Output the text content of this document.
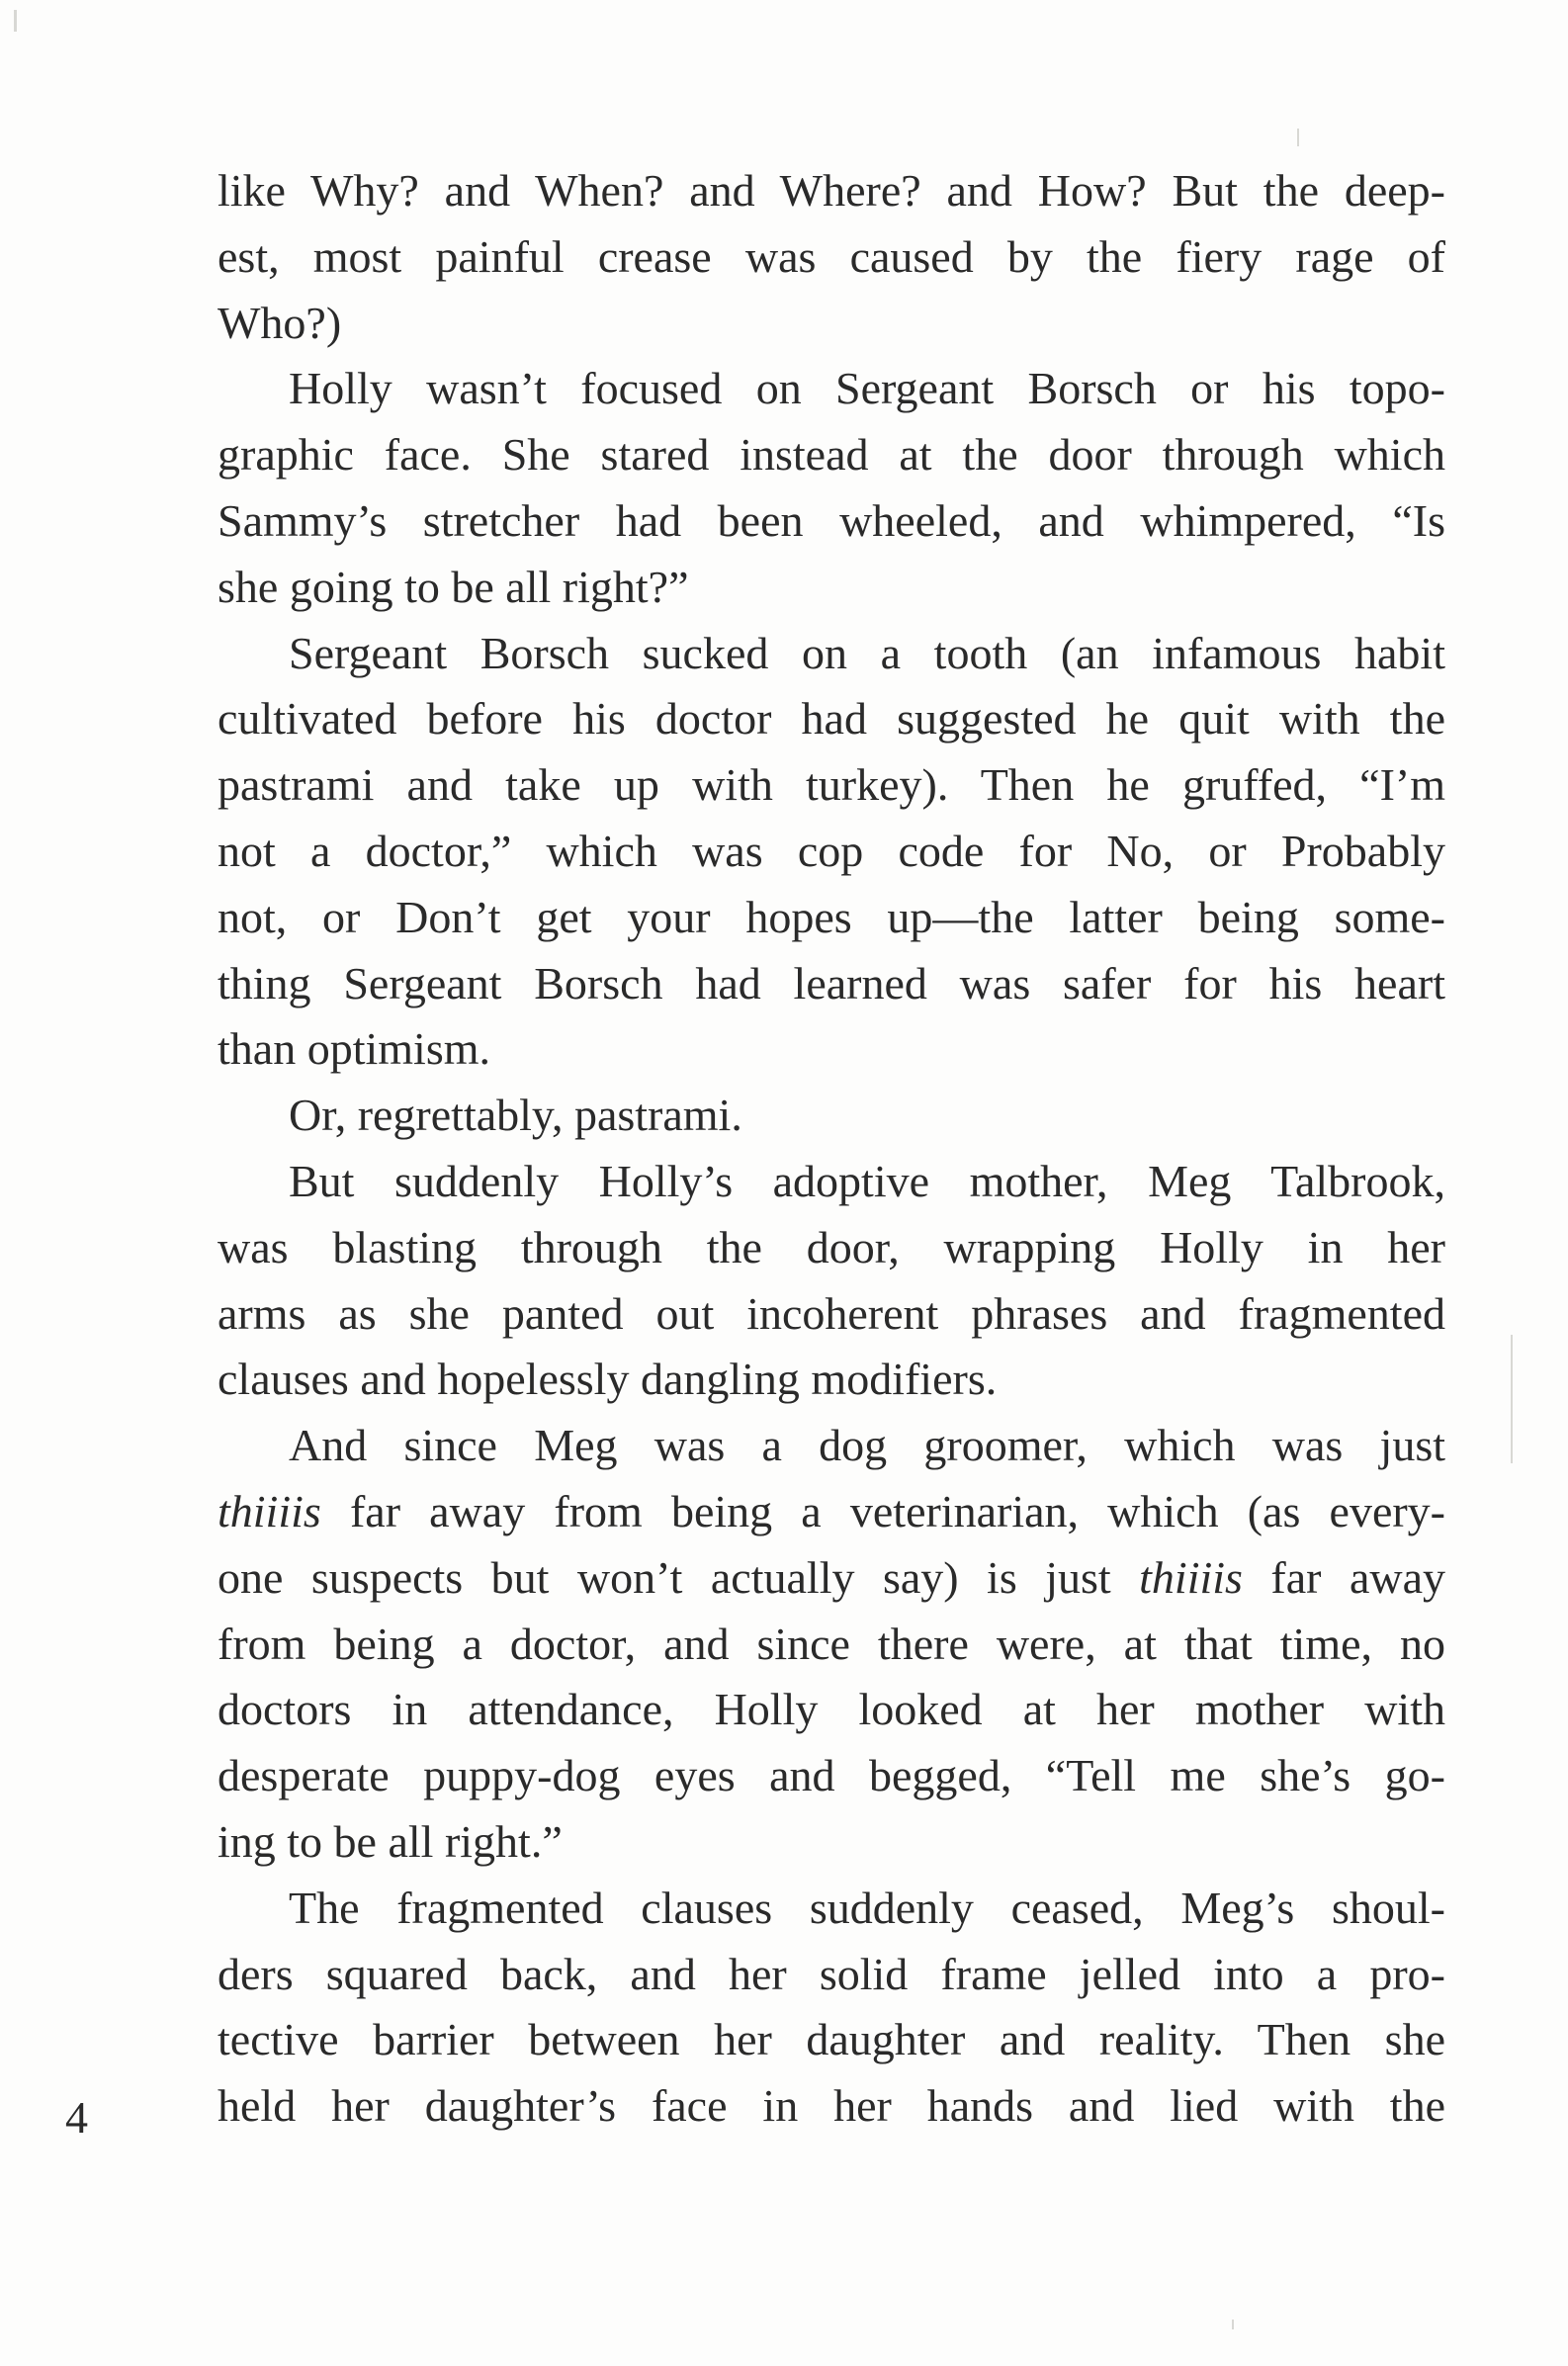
like Why? and When? and Where? and How? But the deep-
est, most painful crease was caused by the fiery rage of
Who?)
Holly wasn’t focused on Sergeant Borsch or his topo-
graphic face. She stared instead at the door through which
Sammy’s stretcher had been wheeled, and whimpered, “Is
she going to be all right?”
Sergeant Borsch sucked on a tooth (an infamous habit
cultivated before his doctor had suggested he quit with the
pastrami and take up with turkey). Then he gruffed, “I’m
not a doctor,” which was cop code for No, or Probably
not, or Don’t get your hopes up—the latter being some-
thing Sergeant Borsch had learned was safer for his heart
than optimism.
Or, regrettably, pastrami.
But suddenly Holly’s adoptive mother, Meg Talbrook,
was blasting through the door, wrapping Holly in her
arms as she panted out incoherent phrases and fragmented
clauses and hopelessly dangling modifiers.
And since Meg was a dog groomer, which was just
thiiiis far away from being a veterinarian, which (as every-
one suspects but won’t actually say) is just thiiiis far away
from being a doctor, and since there were, at that time, no
doctors in attendance, Holly looked at her mother with
desperate puppy-dog eyes and begged, “Tell me she’s go-
ing to be all right.”
The fragmented clauses suddenly ceased, Meg’s shoul-
ders squared back, and her solid frame jelled into a pro-
tective barrier between her daughter and reality. Then she
held her daughter’s face in her hands and lied with the
4
